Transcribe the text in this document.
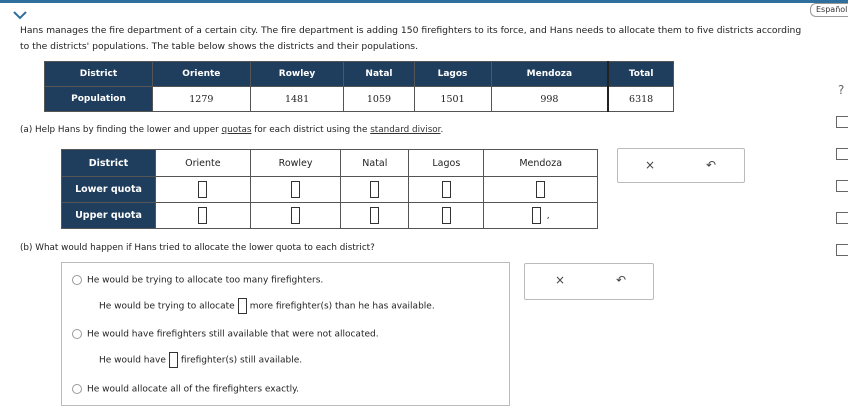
Español
Hans manages the fire department of a certain city. The fire department is adding 150 firefighters to its force, and Hans needs to allocate them to five districts according to the districts' populations. The table below shows the districts and their populations.
District	Oriente	Rowley	Natal	Lagos	Mendoza	Total
Population	1279	1481	1059	1501	998	6318
(a) Help Hans by finding the lower and upper quotas for each district using the standard divisor.
District	Oriente	Rowley	Natal	Lagos	Mendoza
Lower quota					
Upper quota					,
×	↶
(b) What would happen if Hans tried to allocate the lower quota to each district?
He would be trying to allocate too many firefighters.
He would be trying to allocate more firefighter(s) than he has available.
He would have firefighters still available that were not allocated.
He would have firefighter(s) still available.
He would allocate all of the firefighters exactly.
×	↶
?
